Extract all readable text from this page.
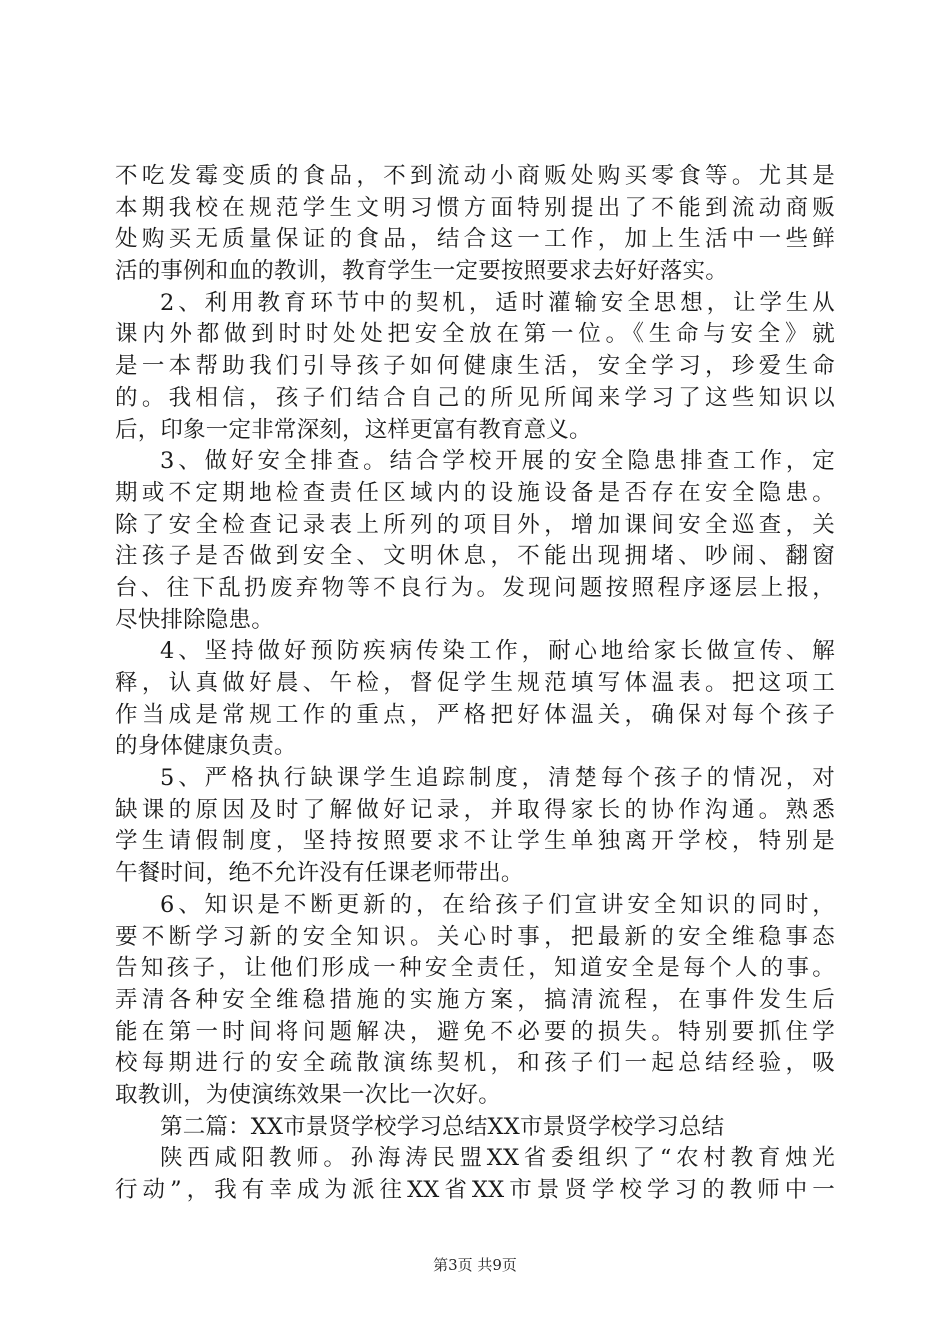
不吃发霉变质的食品，不到流动小商贩处购买零食等。尤其是
本期我校在规范学生文明习惯方面特别提出了不能到流动商贩
处购买无质量保证的食品，结合这一工作，加上生活中一些鲜
活的事例和血的教训，教育学生一定要按照要求去好好落实。
2、利用教育环节中的契机，适时灌输安全思想，让学生从
课内外都做到时时处处把安全放在第一位。《生命与安全》就
是一本帮助我们引导孩子如何健康生活，安全学习，珍爱生命
的。我相信，孩子们结合自己的所见所闻来学习了这些知识以
后，印象一定非常深刻，这样更富有教育意义。
3、做好安全排查。结合学校开展的安全隐患排查工作，定
期或不定期地检查责任区域内的设施设备是否存在安全隐患。
除了安全检查记录表上所列的项目外，增加课间安全巡查，关
注孩子是否做到安全、文明休息，不能出现拥堵、吵闹、翻窗
台、往下乱扔废弃物等不良行为。发现问题按照程序逐层上报，
尽快排除隐患。
4、坚持做好预防疾病传染工作，耐心地给家长做宣传、解
释，认真做好晨、午检，督促学生规范填写体温表。把这项工
作当成是常规工作的重点，严格把好体温关，确保对每个孩子
的身体健康负责。
5、严格执行缺课学生追踪制度，清楚每个孩子的情况，对
缺课的原因及时了解做好记录，并取得家长的协作沟通。熟悉
学生请假制度，坚持按照要求不让学生单独离开学校，特别是
午餐时间，绝不允许没有任课老师带出。
6、知识是不断更新的，在给孩子们宣讲安全知识的同时，
要不断学习新的安全知识。关心时事，把最新的安全维稳事态
告知孩子，让他们形成一种安全责任，知道安全是每个人的事。
弄清各种安全维稳措施的实施方案，搞清流程，在事件发生后
能在第一时间将问题解决，避免不必要的损失。特别要抓住学
校每期进行的安全疏散演练契机，和孩子们一起总结经验，吸
取教训，为使演练效果一次比一次好。
第二篇：XX市景贤学校学习总结XX市景贤学校学习总结
陕西咸阳教师。孙海涛民盟XX省委组织了“农村教育烛光
行动”，我有幸成为派往XX省XX市景贤学校学习的教师中一
第3页 共9页
